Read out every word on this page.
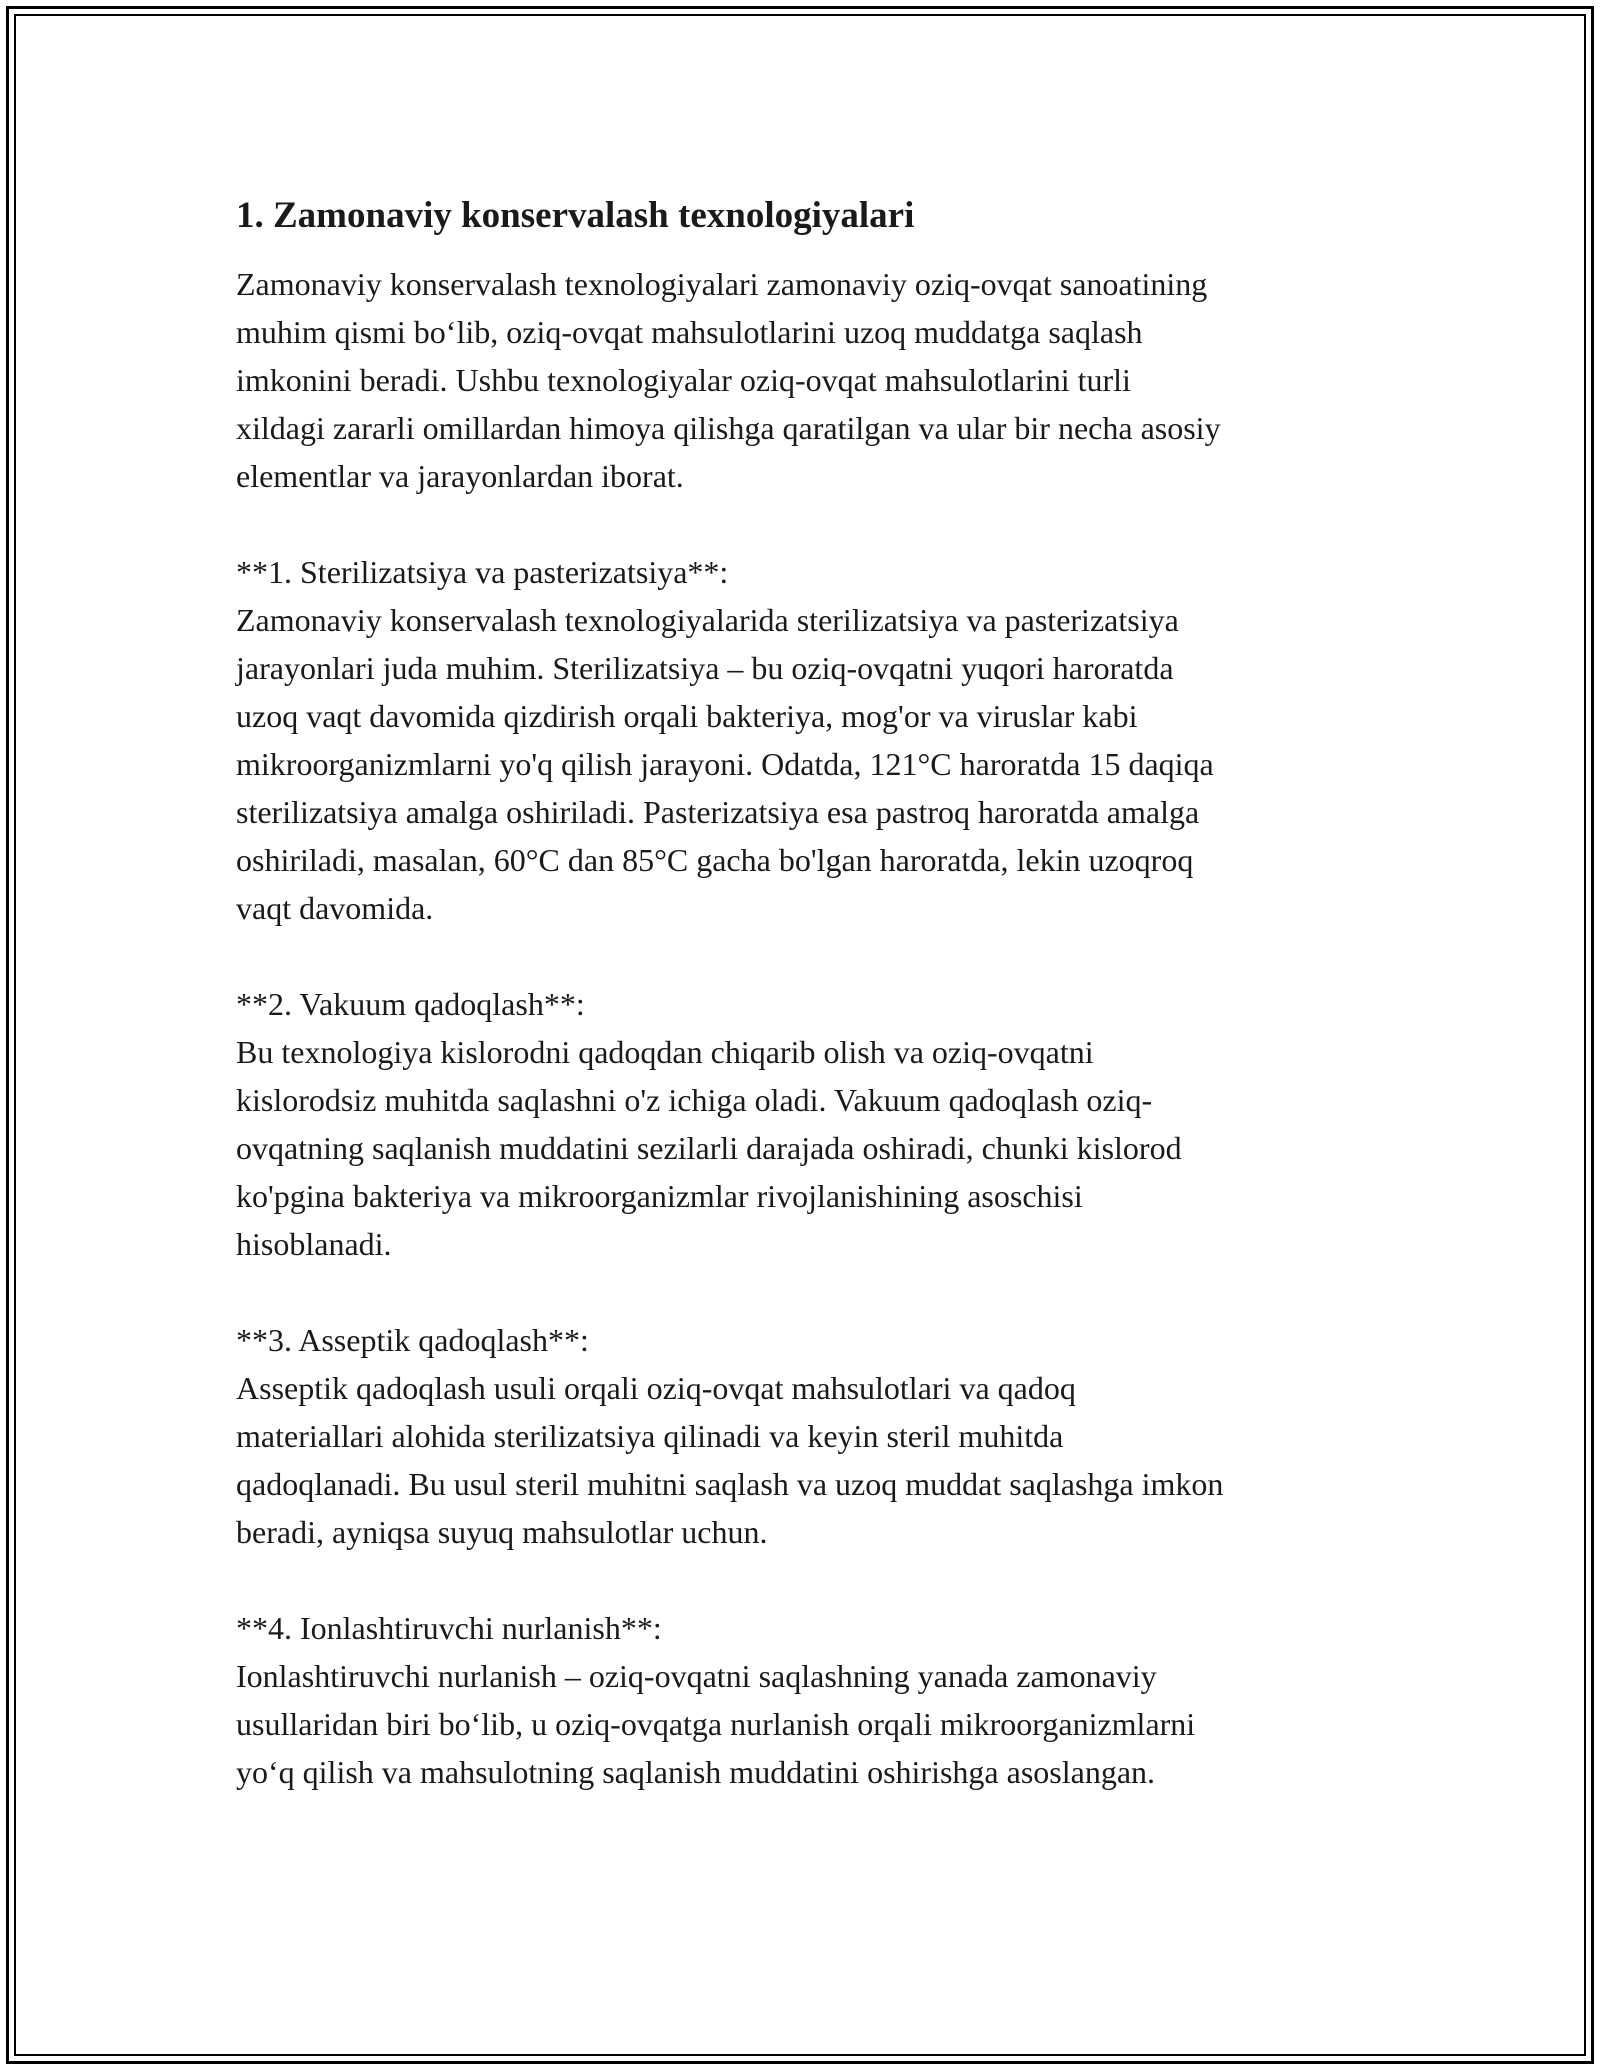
1. Zamonaviy konservalash texnologiyalari

Zamonaviy konservalash texnologiyalari zamonaviy oziq-ovqat sanoatining
muhim qismi bo‘lib, oziq-ovqat mahsulotlarini uzoq muddatga saqlash
imkonini beradi. Ushbu texnologiyalar oziq-ovqat mahsulotlarini turli
xildagi zararli omillardan himoya qilishga qaratilgan va ular bir necha asosiy
elementlar va jarayonlardan iborat.

**1. Sterilizatsiya va pasterizatsiya**:

Zamonaviy konservalash texnologiyalarida sterilizatsiya va pasterizatsiya
jarayonlari juda muhim. Sterilizatsiya – bu oziq-ovqatni yuqori haroratda
uzoq vaqt davomida qizdirish orqali bakteriya, mog'or va viruslar kabi
mikroorganizmlarni yo'q qilish jarayoni. Odatda, 121°C haroratda 15 daqiqa
sterilizatsiya amalga oshiriladi. Pasterizatsiya esa pastroq haroratda amalga
oshiriladi, masalan, 60°C dan 85°C gacha bo'lgan haroratda, lekin uzoqroq
vaqt davomida.

**2. Vakuum qadoqlash**:

Bu texnologiya kislorodni qadoqdan chiqarib olish va oziq-ovqatni
kislorodsiz muhitda saqlashni o'z ichiga oladi. Vakuum qadoqlash oziq-
ovqatning saqlanish muddatini sezilarli darajada oshiradi, chunki kislorod
ko'pgina bakteriya va mikroorganizmlar rivojlanishining asoschisi
hisoblanadi.

**3. Asseptik qadoqlash**:

Asseptik qadoqlash usuli orqali oziq-ovqat mahsulotlari va qadoq
materiallari alohida sterilizatsiya qilinadi va keyin steril muhitda
qadoqlanadi. Bu usul steril muhitni saqlash va uzoq muddat saqlashga imkon
beradi, ayniqsa suyuq mahsulotlar uchun.

**4. Ionlashtiruvchi nurlanish**:

Ionlashtiruvchi nurlanish – oziq-ovqatni saqlashning yanada zamonaviy
usullaridan biri bo‘lib, u oziq-ovqatga nurlanish orqali mikroorganizmlarni
yo‘q qilish va mahsulotning saqlanish muddatini oshirishga asoslangan.
